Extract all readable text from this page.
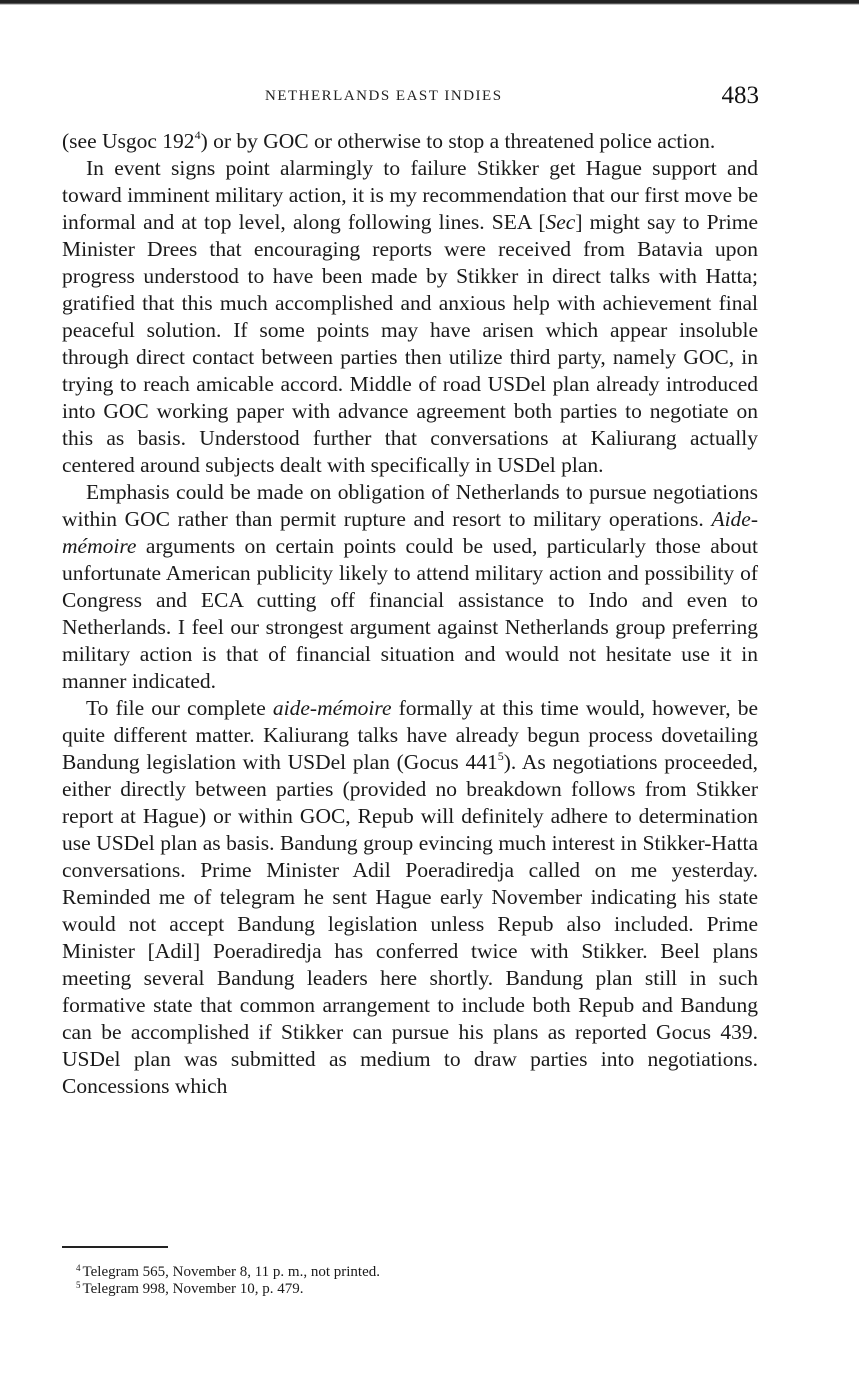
NETHERLANDS EAST INDIES	483

(see Usgoc 192$^4$) or by GOC or otherwise to stop a threatened police action.

In event signs point alarmingly to failure Stikker get Hague support and toward imminent military action, it is my recommendation that our first move be informal and at top level, along following lines. SEA [Sec] might say to Prime Minister Drees that encouraging reports were received from Batavia upon progress understood to have been made by Stikker in direct talks with Hatta; gratified that this much accomplished and anxious help with achievement final peaceful solution. If some points may have arisen which appear insoluble through direct contact between parties then utilize third party, namely GOC, in trying to reach amicable accord. Middle of road USDel plan already introduced into GOC working paper with advance agreement both parties to negotiate on this as basis. Understood further that conversations at Kaliurang actually centered around subjects dealt with specifically in USDel plan.

Emphasis could be made on obligation of Netherlands to pursue negotiations within GOC rather than permit rupture and resort to military operations. Aide-mémoire arguments on certain points could be used, particularly those about unfortunate American publicity likely to attend military action and possibility of Congress and ECA cutting off financial assistance to Indo and even to Netherlands. I feel our strongest argument against Netherlands group preferring military action is that of financial situation and would not hesitate use it in manner indicated.

To file our complete aide-mémoire formally at this time would, however, be quite different matter. Kaliurang talks have already begun process dovetailing Bandung legislation with USDel plan (Gocus 441$^5$). As negotiations proceeded, either directly between parties (provided no breakdown follows from Stikker report at Hague) or within GOC, Repub will definitely adhere to determination use USDel plan as basis. Bandung group evincing much interest in Stikker-Hatta conversations. Prime Minister Adil Poeradiredja called on me yesterday. Reminded me of telegram he sent Hague early November indicating his state would not accept Bandung legislation unless Repub also included. Prime Minister [Adil] Poeradiredja has conferred twice with Stikker. Beel plans meeting several Bandung leaders here shortly. Bandung plan still in such formative state that common arrangement to include both Repub and Bandung can be accomplished if Stikker can pursue his plans as reported Gocus 439. USDel plan was submitted as medium to draw parties into negotiations. Concessions which

$^4$ Telegram 565, November 8, 11 p. m., not printed.

$^5$ Telegram 998, November 10, p. 479.
